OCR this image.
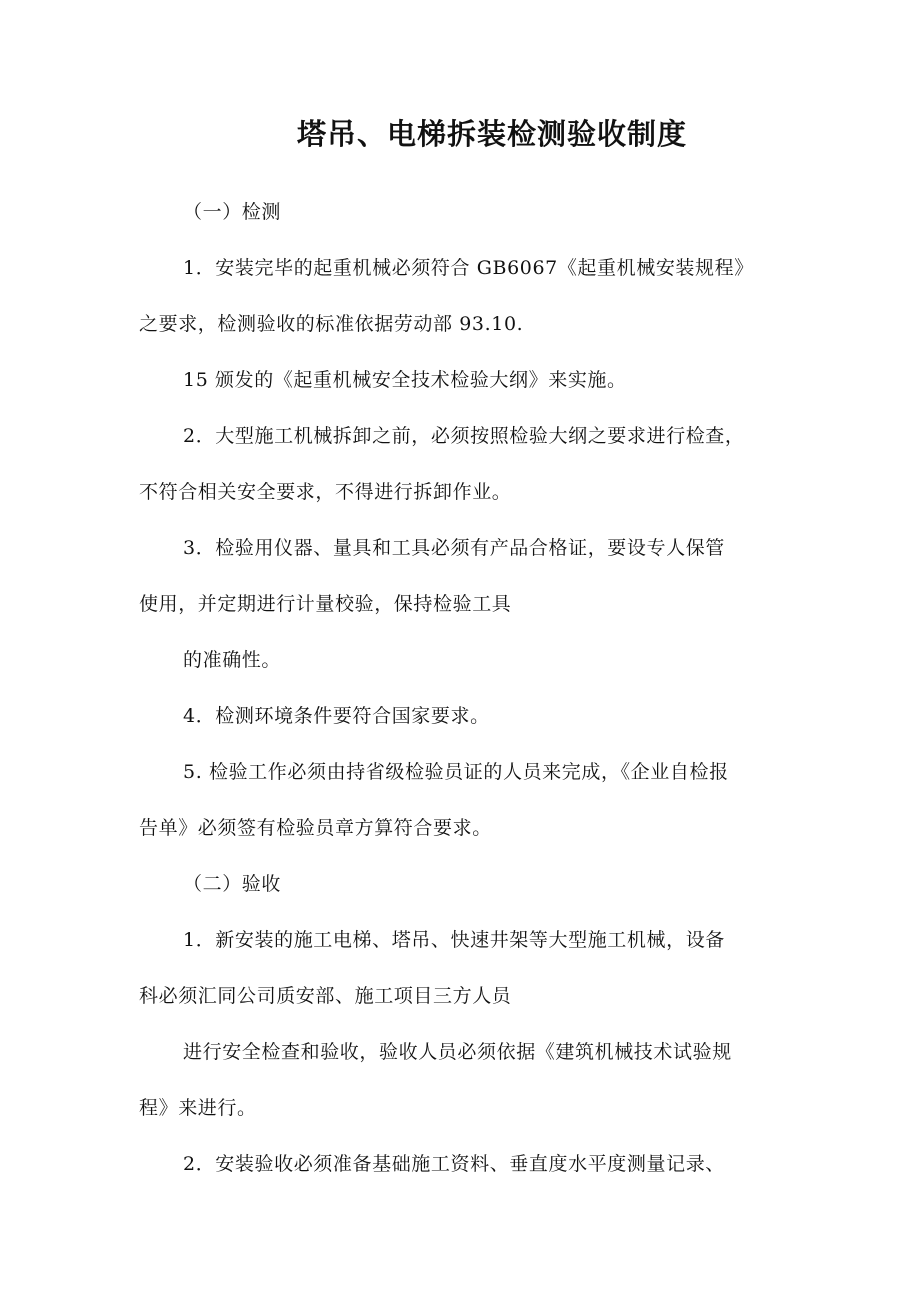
塔吊、电梯拆装检测验收制度
（一）检测
1．安装完毕的起重机械必须符合 GB6067《起重机械安装规程》
之要求，检测验收的标准依据劳动部 93.10.
15 颁发的《起重机械安全技术检验大纲》来实施。
2．大型施工机械拆卸之前，必须按照检验大纲之要求进行检查，
不符合相关安全要求，不得进行拆卸作业。
3．检验用仪器、量具和工具必须有产品合格证，要设专人保管
使用，并定期进行计量校验，保持检验工具
的准确性。
4．检测环境条件要符合国家要求。
5. 检验工作必须由持省级检验员证的人员来完成，《企业自检报
告单》必须签有检验员章方算符合要求。
（二）验收
1．新安装的施工电梯、塔吊、快速井架等大型施工机械，设备
科必须汇同公司质安部、施工项目三方人员
进行安全检查和验收，验收人员必须依据《建筑机械技术试验规
程》来进行。
2．安装验收必须准备基础施工资料、垂直度水平度测量记录、
